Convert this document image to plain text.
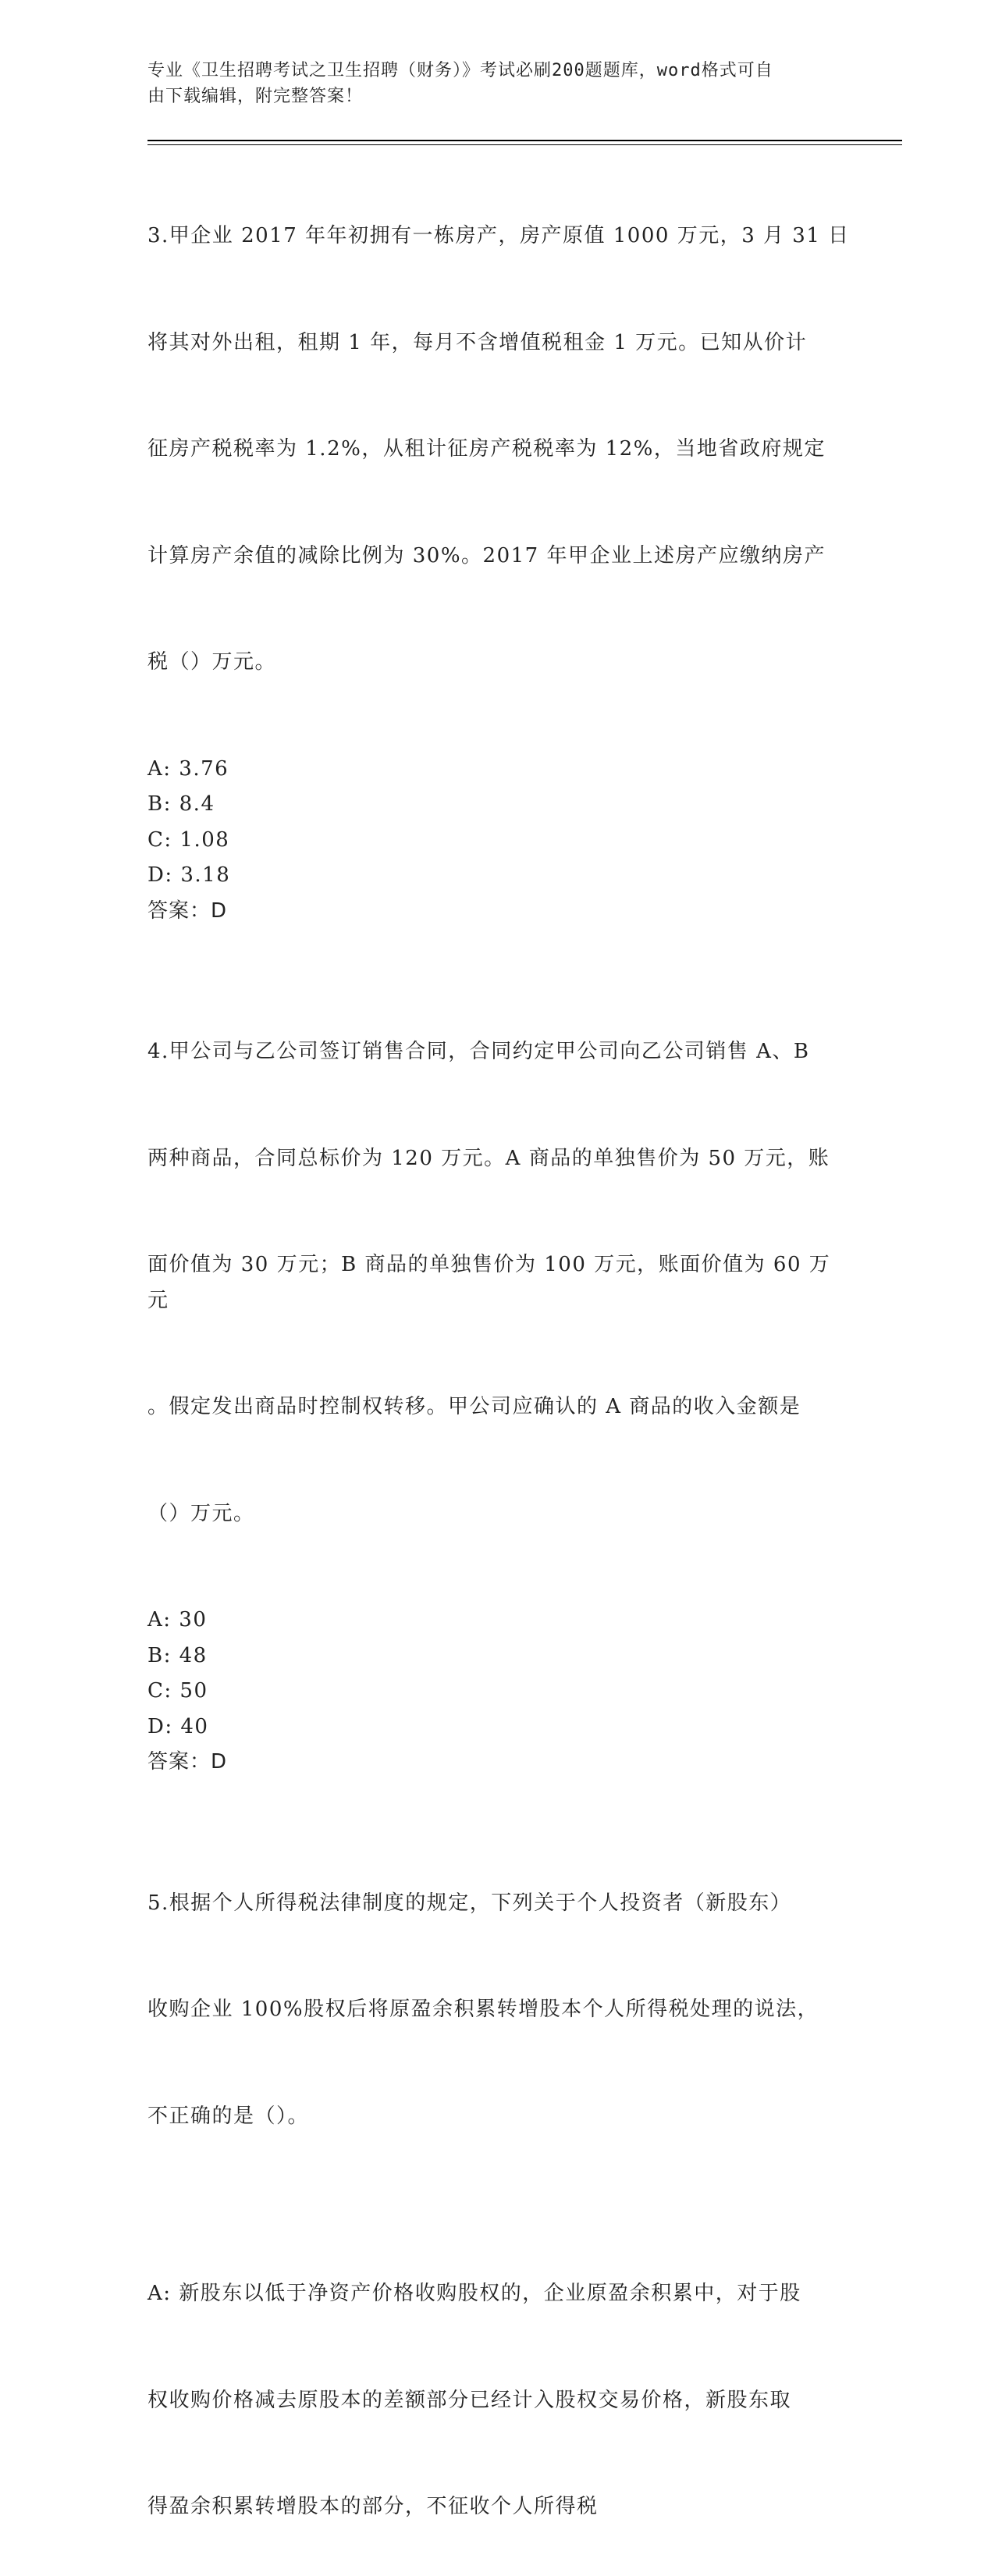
专业《卫生招聘考试之卫生招聘（财务）》考试必刷200题题库，word格式可自
由下载编辑，附完整答案！

3.甲企业 2017 年年初拥有一栋房产，房产原值 1000 万元，3 月 31 日

将其对外出租，租期 1 年，每月不含增值税租金 1 万元。已知从价计

征房产税税率为 1.2%，从租计征房产税税率为 12%，当地省政府规定

计算房产余值的减除比例为 30%。2017 年甲企业上述房产应缴纳房产

税（）万元。

A: 3.76
B: 8.4
C: 1.08
D: 3.18
答案：D

4.甲公司与乙公司签订销售合同，合同约定甲公司向乙公司销售 A、B

两种商品，合同总标价为 120 万元。A 商品的单独售价为 50 万元，账

面价值为 30 万元；B 商品的单独售价为 100 万元，账面价值为 60 万元

。假定发出商品时控制权转移。甲公司应确认的 A 商品的收入金额是

（）万元。

A: 30
B: 48
C: 50
D: 40
答案：D

5.根据个人所得税法律制度的规定，下列关于个人投资者（新股东）

收购企业 100%股权后将原盈余积累转增股本个人所得税处理的说法，

不正确的是（）。

A: 新股东以低于净资产价格收购股权的，企业原盈余积累中，对于股

权收购价格减去原股本的差额部分已经计入股权交易价格，新股东取

得盈余积累转增股本的部分，不征收个人所得税
